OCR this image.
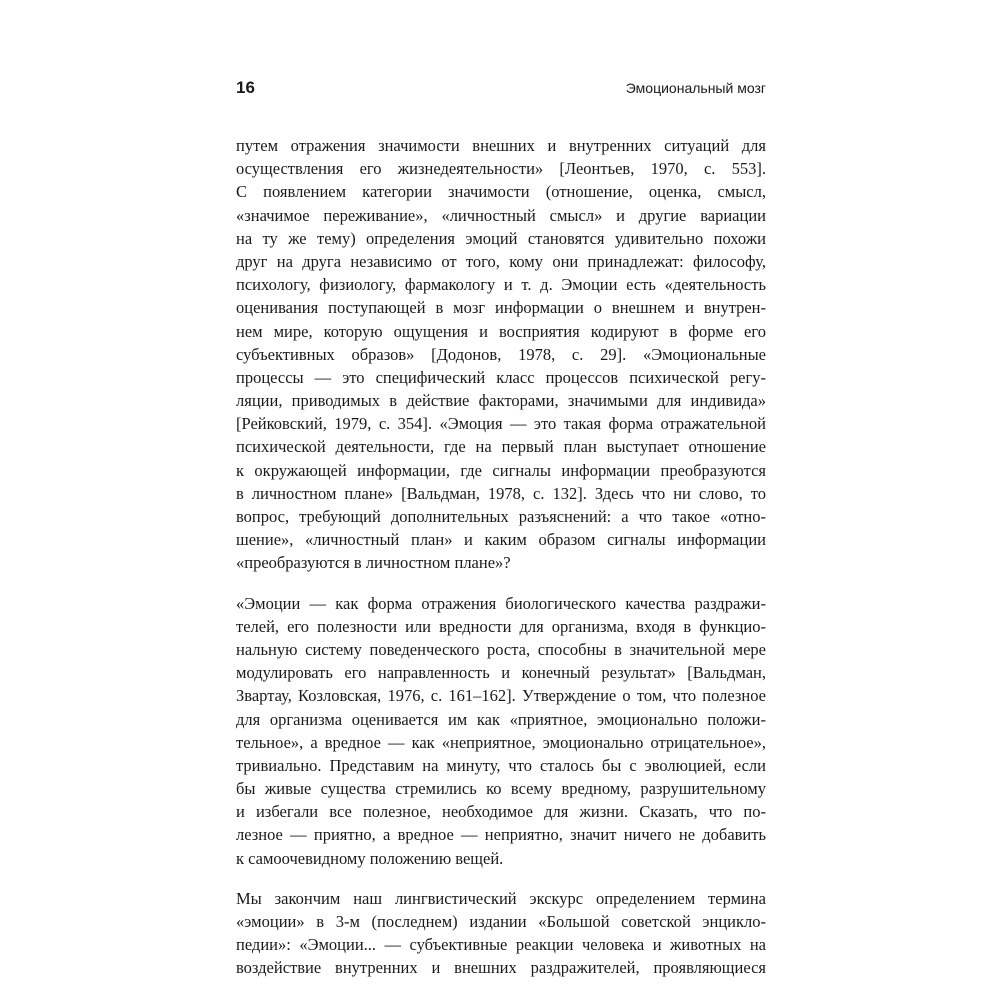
16	Эмоциональный мозг
путем отражения значимости внешних и внутренних ситуаций для
осуществления его жизнедеятельности» [Леонтьев, 1970, с. 553].
С появлением категории значимости (отношение, оценка, смысл,
«значимое переживание», «личностный смысл» и другие вариации
на ту же тему) определения эмоций становятся удивительно похожи
друг на друга независимо от того, кому они принадлежат: философу,
психологу, физиологу, фармакологу и т. д. Эмоции есть «деятельность
оценивания поступающей в мозг информации о внешнем и внутрен-
нем мире, которую ощущения и восприятия кодируют в форме его
субъективных образов» [Додонов, 1978, с. 29]. «Эмоциональные
процессы — это специфический класс процессов психической регу-
ляции, приводимых в действие факторами, значимыми для индивида»
[Рейковский, 1979, с. 354]. «Эмоция — это такая форма отражательной
психической деятельности, где на первый план выступает отношение
к окружающей информации, где сигналы информации преобразуются
в личностном плане» [Вальдман, 1978, с. 132]. Здесь что ни слово, то
вопрос, требующий дополнительных разъяснений: а что такое «отно-
шение», «личностный план» и каким образом сигналы информации
«преобразуются в личностном плане»?
«Эмоции — как форма отражения биологического качества раздражи-
телей, его полезности или вредности для организма, входя в функцио-
нальную систему поведенческого роста, способны в значительной мере
модулировать его направленность и конечный результат» [Вальдман,
Звартау, Козловская, 1976, с. 161–162]. Утверждение о том, что полезное
для организма оценивается им как «приятное, эмоционально положи-
тельное», а вредное — как «неприятное, эмоционально отрицательное»,
тривиально. Представим на минуту, что сталось бы с эволюцией, если
бы живые существа стремились ко всему вредному, разрушительному
и избегали все полезное, необходимое для жизни. Сказать, что по-
лезное — приятно, а вредное — неприятно, значит ничего не добавить
к самоочевидному положению вещей.
Мы закончим наш лингвистический экскурс определением термина
«эмоции» в 3-м (последнем) издании «Большой советской энцикло-
педии»: «Эмоции... — субъективные реакции человека и животных на
воздействие внутренних и внешних раздражителей, проявляющиеся
